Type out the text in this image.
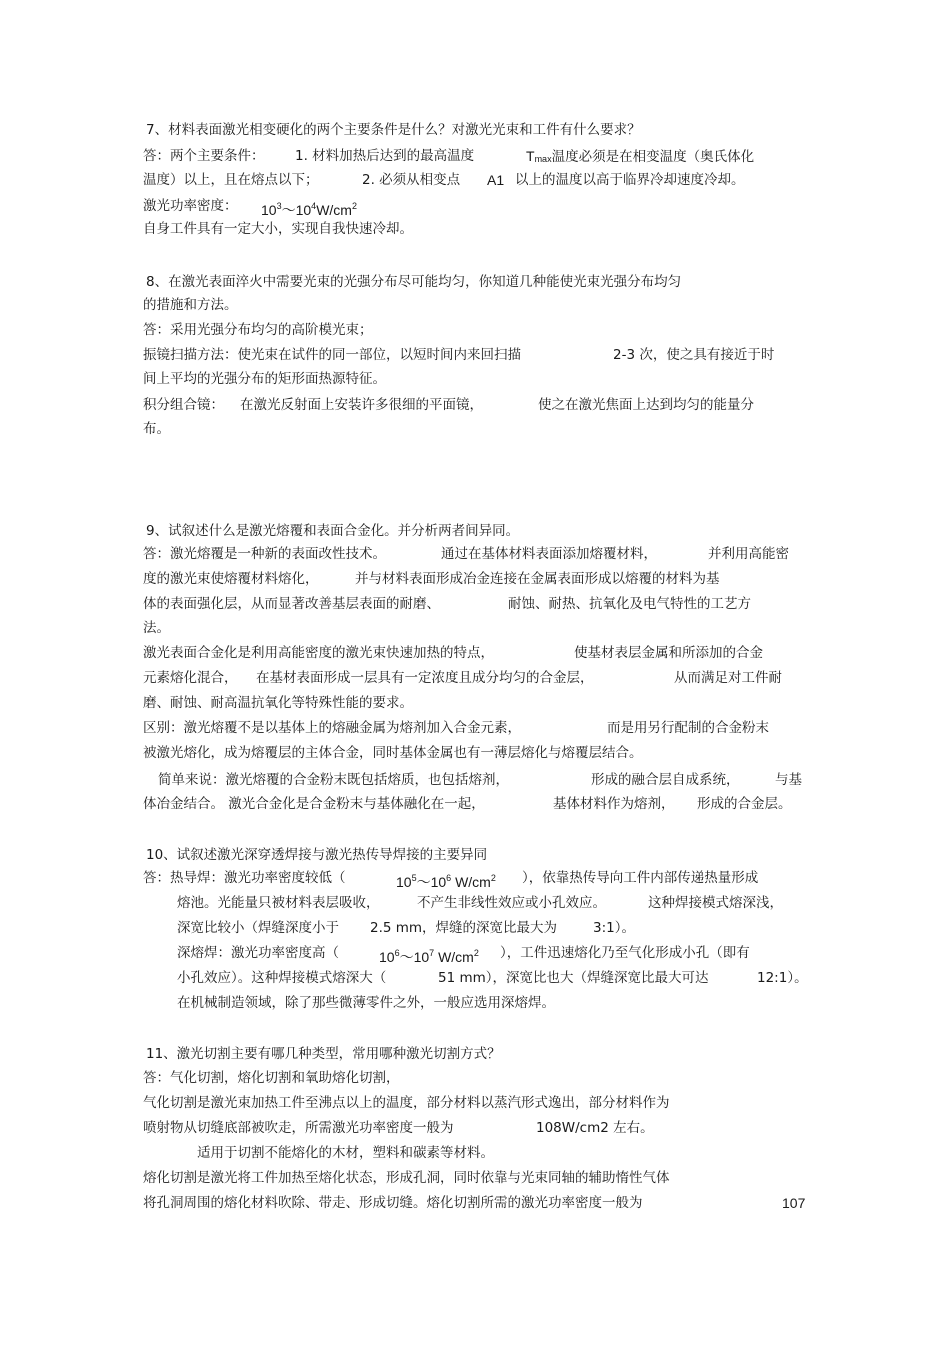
7、材料表面激光相变硬化的两个主要条件是什么？对激光光束和工件有什么要求？
答：两个主要条件： 1. 材料加热后达到的最高温度	$T_{max}$温度必须是在相变温度（奥氏体化
温度）以上，且在熔点以下；	2. 必须从相变点 A1 以上的温度以高于临界冷却速度冷却。
激光功率密度： $10^3\sim 10^4W/cm^2$
自身工件具有一定大小，实现自我快速冷却。
8、在激光表面淬火中需要光束的光强分布尽可能均匀，你知道几种能使光束光强分布均匀
的措施和方法。
答：采用光强分布均匀的高阶模光束；
振镜扫描方法：使光束在试件的同一部位，以短时间内来回扫描	2-3 次，使之具有接近于时
间上平均的光强分布的矩形面热源特征。
积分组合镜： 在激光反射面上安装许多很细的平面镜，	使之在激光焦面上达到均匀的能量分
布。
9、试叙述什么是激光熔覆和表面合金化。并分析两者间异同。
答：激光熔覆是一种新的表面改性技术。	通过在基体材料表面添加熔覆材料，	并利用高能密
度的激光束使熔覆材料熔化，	并与材料表面形成冶金连接在金属表面形成以熔覆的材料为基
体的表面强化层，从而显著改善基层表面的耐磨、	耐蚀、耐热、抗氧化及电气特性的工艺方
法。
激光表面合金化是利用高能密度的激光束快速加热的特点，	使基材表层金属和所添加的合金
元素熔化混合， 在基材表面形成一层具有一定浓度且成分均匀的合金层，	从而满足对工件耐
磨、耐蚀、耐高温抗氧化等特殊性能的要求。
区别：激光熔覆不是以基体上的熔融金属为熔剂加入合金元素，	而是用另行配制的合金粉末
被激光熔化，成为熔覆层的主体合金，同时基体金属也有一薄层熔化与熔覆层结合。
简单来说：激光熔覆的合金粉末既包括熔质，也包括熔剂，	形成的融合层自成系统，	与基
体冶金结合。 激光合金化是合金粉末与基体融化在一起，	基体材料作为熔剂， 形成的合金层。
10、试叙述激光深穿透焊接与激光热传导焊接的主要异同
答：热导焊：激光功率密度较低（	$10^5\sim 10^6$ $W/cm^2$ ），依靠热传导向工件内部传递热量形成
熔池。光能量只被材料表层吸收，	不产生非线性效应或小孔效应。	这种焊接模式熔深浅，
深宽比较小（焊缝深度小于 2.5 mm，焊缝的深宽比最大为	3:1）。
深熔焊：激光功率密度高（	$10^6\sim 10^7$ $W/cm^2$ ），工件迅速熔化乃至气化形成小孔（即有
小孔效应）。这种焊接模式熔深大（	51 mm），深宽比也大（焊缝深宽比最大可达	12:1）。
在机械制造领域，除了那些微薄零件之外，一般应选用深熔焊。
11、激光切割主要有哪几种类型，常用哪种激光切割方式？
答：气化切割，熔化切割和氧助熔化切割，
气化切割是激光束加热工件至沸点以上的温度，部分材料以蒸汽形式逸出，部分材料作为
喷射物从切缝底部被吹走，所需激光功率密度一般为	108W/cm2 左右。
适用于切割不能熔化的木材，塑料和碳素等材料。
熔化切割是激光将工件加热至熔化状态，形成孔洞，同时依靠与光束同轴的辅助惰性气体
将孔洞周围的熔化材料吹除、带走、形成切缝。熔化切割所需的激光功率密度一般为	107
